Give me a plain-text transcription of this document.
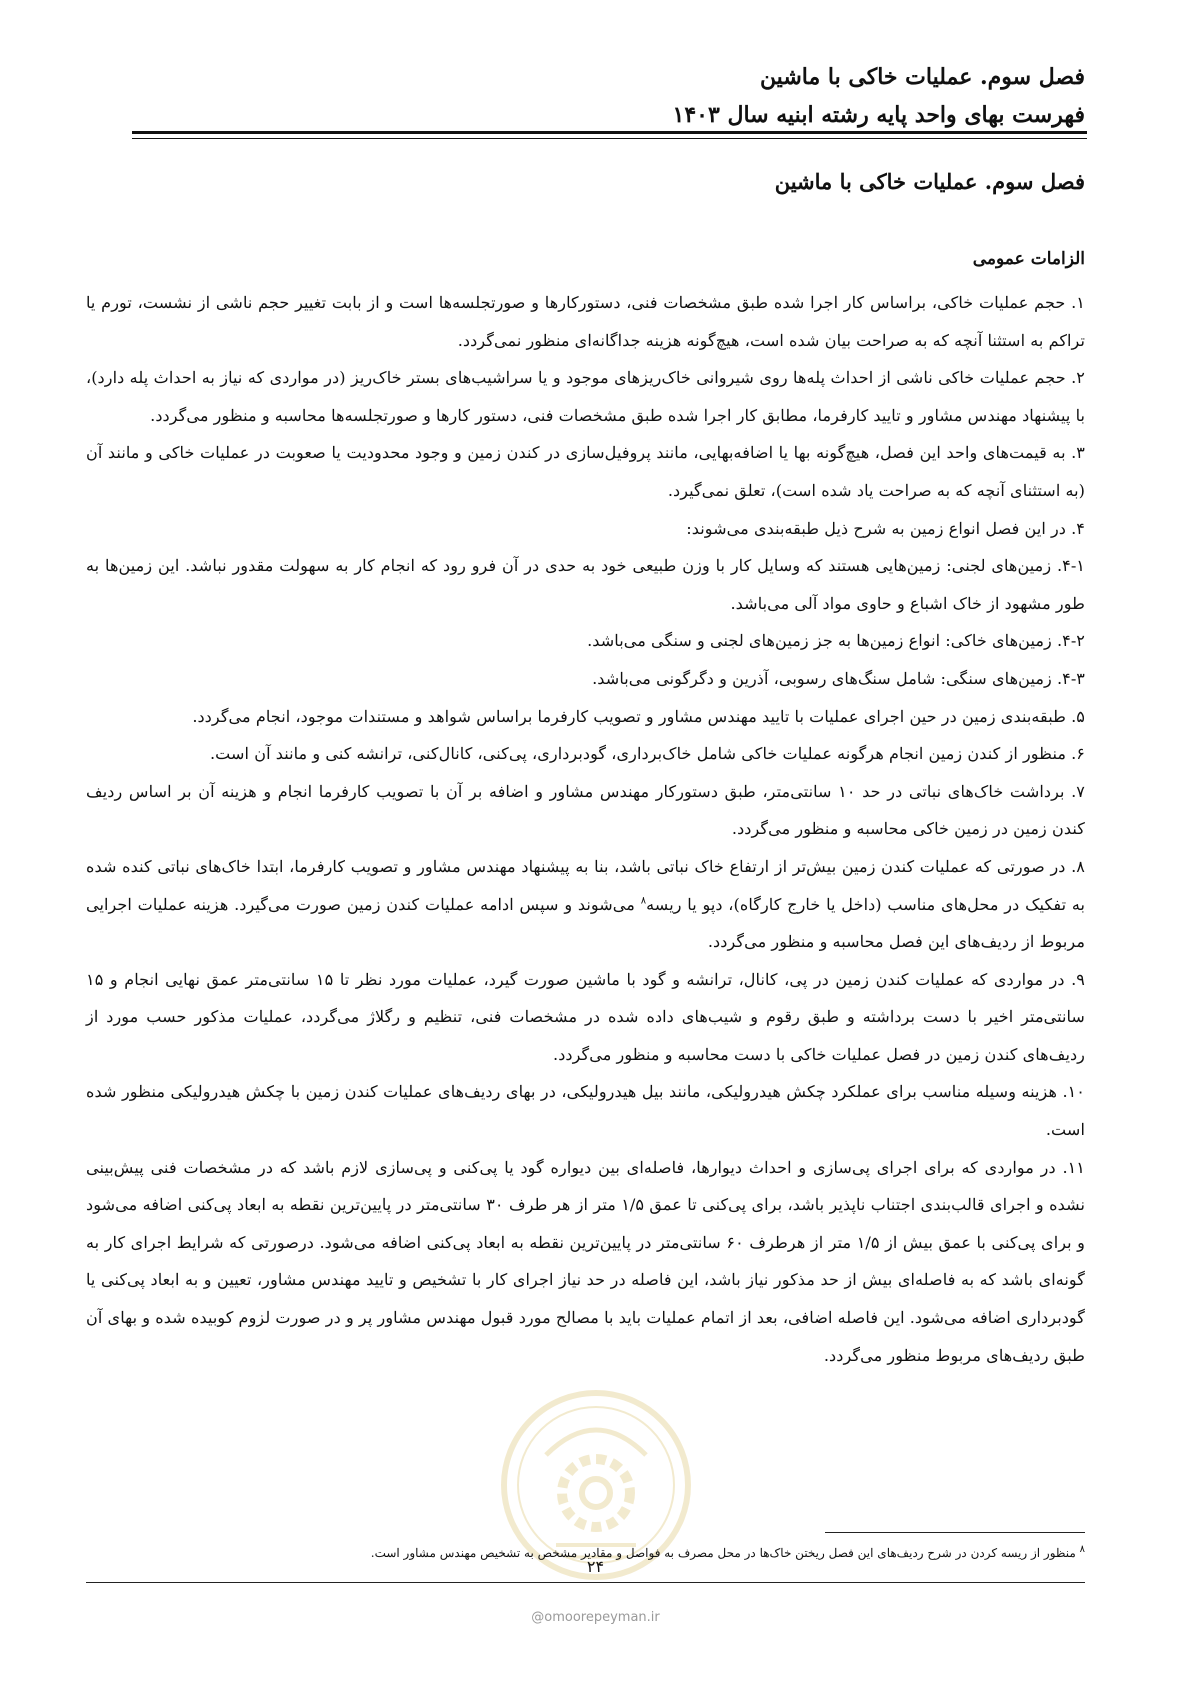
فصل سوم. عملیات خاکی با ماشین
فهرست بهای واحد پایه رشته ابنیه سال ۱۴۰۳
فصل سوم. عملیات خاکی با ماشین
الزامات عمومی

۱. حجم عملیات خاکی، براساس کار اجرا شده طبق مشخصات فنی، دستورکارها و صورتجلسه‌ها است و از بابت تغییر حجم ناشی از نشست، تورم یا تراکم به استثنا آنچه که به صراحت بیان شده است، هیچ‌گونه هزینه جداگانه‌ای منظور نمی‌گردد.

۲. حجم عملیات خاکی ناشی از احداث پله‌ها روی شیروانی خاک‌ریزهای موجود و یا سراشیب‌های بستر خاک‌ریز (در مواردی که نیاز به احداث پله دارد)، با پیشنهاد مهندس مشاور و تایید کارفرما، مطابق کار اجرا شده طبق مشخصات فنی، دستور کارها و صورتجلسه‌ها محاسبه و منظور می‌گردد.

۳. به قیمت‌های واحد این فصل، هیچ‌گونه بها یا اضافه‌بهایی، مانند پروفیل‌سازی در کندن زمین و وجود محدودیت یا صعوبت در عملیات خاکی و مانند آن (به استثنای آنچه که به صراحت یاد شده است)، تعلق نمی‌گیرد.

۴. در این فصل انواع زمین به شرح ذیل طبقه‌بندی می‌شوند:

۴-۱. زمین‌های لجنی: زمین‌هایی هستند که وسایل کار با وزن طبیعی خود به حدی در آن فرو رود که انجام کار به سهولت مقدور نباشد. این زمین‌ها به طور مشهود از خاک اشباع و حاوی مواد آلی می‌باشد.

۴-۲. زمین‌های خاکی: انواع زمین‌ها به جز زمین‌های لجنی و سنگی می‌باشد.

۴-۳. زمین‌های سنگی: شامل سنگ‌های رسوبی، آذرین و دگرگونی می‌باشد.

۵. طبقه‌بندی زمین در حین اجرای عملیات با تایید مهندس مشاور و تصویب کارفرما براساس شواهد و مستندات موجود، انجام می‌گردد.

۶. منظور از کندن زمین انجام هرگونه عملیات خاکی شامل خاک‌برداری، گودبرداری، پی‌کنی، کانال‌کنی، ترانشه کنی و مانند آن است.

۷. برداشت خاک‌های نباتی در حد ۱۰ سانتی‌متر، طبق دستورکار مهندس مشاور و اضافه بر آن با تصویب کارفرما انجام و هزینه آن بر اساس ردیف کندن زمین در زمین خاکی محاسبه و منظور می‌گردد.

۸. در صورتی که عملیات کندن زمین بیش‌تر از ارتفاع خاک نباتی باشد، بنا به پیشنهاد مهندس مشاور و تصویب کارفرما، ابتدا خاک‌های نباتی کنده شده به تفکیک در محل‌های مناسب (داخل یا خارج کارگاه)، دپو یا ریسه$^۸$ می‌شوند و سپس ادامه عملیات کندن زمین صورت می‌گیرد. هزینه عملیات اجرایی مربوط از ردیف‌های این فصل محاسبه و منظور می‌گردد.

۹. در مواردی که عملیات کندن زمین در پی، کانال، ترانشه و گود با ماشین صورت گیرد، عملیات مورد نظر تا ۱۵ سانتی‌متر عمق نهایی انجام و ۱۵ سانتی‌متر اخیر با دست برداشته و طبق رقوم و شیب‌های داده شده در مشخصات فنی، تنظیم و رگلاژ می‌گردد، عملیات مذکور حسب مورد از ردیف‌های کندن زمین در فصل عملیات خاکی با دست محاسبه و منظور می‌گردد.

۱۰. هزینه وسیله مناسب برای عملکرد چکش هیدرولیکی، مانند بیل هیدرولیکی، در بهای ردیف‌های عملیات کندن زمین با چکش هیدرولیکی منظور شده است.

۱۱. در مواردی که برای اجرای پی‌سازی و احداث دیوارها، فاصله‌ای بین دیواره گود یا پی‌کنی و پی‌سازی لازم باشد که در مشخصات فنی پیش‌بینی نشده و اجرای قالب‌بندی اجتناب ناپذیر باشد، برای پی‌کنی تا عمق ۱/۵ متر از هر طرف ۳۰ سانتی‌متر در پایین‌ترین نقطه به ابعاد پی‌کنی اضافه می‌شود و برای پی‌کنی با عمق بیش از ۱/۵ متر از هرطرف ۶۰ سانتی‌متر در پایین‌ترین نقطه به ابعاد پی‌کنی اضافه می‌شود. درصورتی که شرایط اجرای کار به گونه‌ای باشد که به فاصله‌ای بیش از حد مذکور نیاز باشد، این فاصله در حد نیاز اجرای کار با تشخیص و تایید مهندس مشاور، تعیین و به ابعاد پی‌کنی یا گودبرداری اضافه می‌شود. این فاصله اضافی، بعد از اتمام عملیات باید با مصالح مورد قبول مهندس مشاور پر و در صورت لزوم کوبیده شده و بهای آن طبق ردیف‌های مربوط منظور می‌گردد.

$^۸$ منظور از ریسه کردن در شرح ردیف‌های این فصل ریختن خاک‌ها در محل مصرف به فواصل و مقادیر مشخص به تشخیص مهندس مشاور است.
۲۴
@omoorepeyman.ir
